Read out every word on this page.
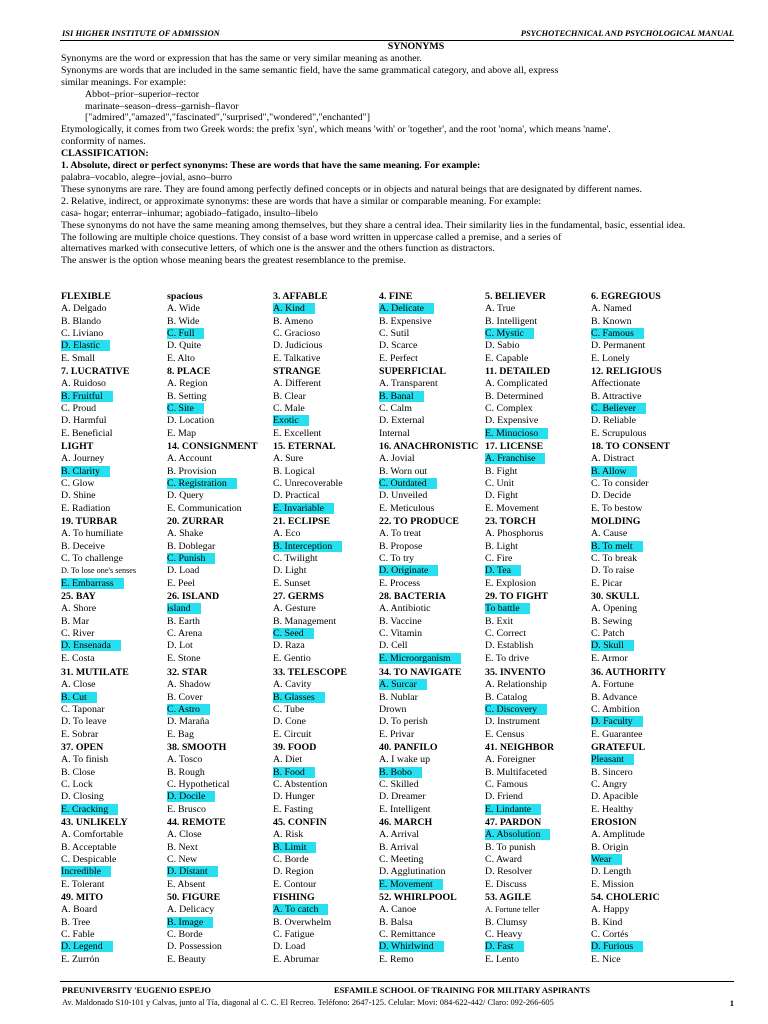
ISI HIGHER INSTITUTE OF ADMISSION	PSYCHOTECHNICAL AND PSYCHOLOGICAL MANUAL
SYNONYMS
Synonyms are the word or expression that has the same or very similar meaning as another.
Synonyms are words that are included in the same semantic field, have the same grammatical category, and above all, express
similar meanings. For example:
Abbot–prior–superior–rector
marinate–season–dress–garnish–flavor
["admired","amazed","fascinated","surprised","wondered","enchanted"]
Etymologically, it comes from two Greek words: the prefix 'syn', which means 'with' or 'together', and the root 'noma', which means 'name'.
conformity of names.
CLASSIFICATION:
1. Absolute, direct or perfect synonyms: These are words that have the same meaning. For example:
palabra–vocablo, alegre–jovial, asno–burro
These synonyms are rare. They are found among perfectly defined concepts or in objects and natural beings that are designated by different names.
2. Relative, indirect, or approximate synonyms: these are words that have a similar or comparable meaning. For example:
casa- hogar; enterrar–inhumar; agobiado–fatigado, insulto–libelo
These synonyms do not have the same meaning among themselves, but they share a central idea. Their similarity lies in the fundamental, basic, essential idea.
The following are multiple choice questions. They consist of a base word written in uppercase called a premise, and a series of
alternatives marked with consecutive letters, of which one is the answer and the others function as distractors.
The answer is the option whose meaning bears the greatest resemblance to the premise.
FLEXIBLE
A. Delgado
B. Blando
C. Liviano
D. Elastic
E. Small
spacious
A. Wide
B. Wide
C. Full
D. Quite
E. Alto
3. AFFABLE
A. Kind
B. Ameno
C. Gracioso
D. Judicious
E. Talkative
4. FINE
A. Delicate
B. Expensive
C. Sutil
D. Scarce
E. Perfect
5. BELIEVER
A. True
B. Intelligent
C. Mystic
D. Sabio
E. Capable
6. EGREGIOUS
A. Named
B. Known
C. Famous
D. Permanent
E. Lonely
7. LUCRATIVE
A. Ruidoso
B. Fruitful
C. Proud
D. Harmful
E. Beneficial
8. PLACE
A. Region
B. Setting
C. Site
D. Location
E. Map
STRANGE
A. Different
B. Clear
C. Male
Exotic
E. Excellent
SUPERFICIAL
A. Transparent
B. Banal
C. Calm
D. External
Internal
11. DETAILED
A. Complicated
B. Determined
C. Complex
D. Expensive
E. Minucioso
12. RELIGIOUS
Affectionate
B. Attractive
C. Believer
D. Reliable
E. Scrupulous
LIGHT
A. Journey
B. Clarity
C. Glow
D. Shine
E. Radiation
14. CONSIGNMENT
A. Account
B. Provision
C. Registration
D. Query
E. Communication
15. ETERNAL
A. Sure
B. Logical
C. Unrecoverable
D. Practical
E. Invariable
16. ANACHRONISTIC
A. Jovial
B. Worn out
C. Outdated
D. Unveiled
E. Meticulous
17. LICENSE
A. Franchise
B. Fight
C. Unit
D. Fight
E. Movement
18. TO CONSENT
A. Distract
B. Allow
C. To consider
D. Decide
E. To bestow
19. TURBAR
A. To humiliate
B. Deceive
C. To challenge
D. To lose one's senses
E. Embarrass
20. ZURRAR
A. Shake
B. Doblegar
C. Punish
D. Load
E. Peel
21. ECLIPSE
A. Eco
B. Interception
C. Twilight
D. Light
E. Sunset
22. TO PRODUCE
A. To treat
B. Propose
C. To try
D. Originate
E. Process
23. TORCH
A. Phosphorus
B. Light
C. Fire
D. Tea
E. Explosion
MOLDING
A. Cause
B. To melt
C. To break
D. To raise
E. Picar
25. BAY
A. Shore
B. Mar
C. River
D. Ensenada
E. Costa
26. ISLAND
island
B. Earth
C. Arena
D. Lot
E. Stone
27. GERMS
A. Gesture
B. Management
C. Seed
D. Raza
E. Gentio
28. BACTERIA
A. Antibiotic
B. Vaccine
C. Vitamin
D. Cell
E. Microorganism
29. TO FIGHT
To battle
B. Exit
C. Correct
D. Establish
E. To drive
30. SKULL
A. Opening
B. Sewing
C. Patch
D. Skull
E. Armor
31. MUTILATE
A. Close
B. Cut
C. Taponar
D. To leave
E. Sobrar
32. STAR
A. Shadow
B. Cover
C. Astro
D. Maraña
E. Bag
33. TELESCOPE
A. Cavity
B. Glasses
C. Tube
D. Cone
E. Circuit
34. TO NAVIGATE
A. Surcar
B. Nublar
Drown
D. To perish
E. Privar
35. INVENTO
A. Relationship
B. Catalog
C. Discovery
D. Instrument
E. Census
36. AUTHORITY
A. Fortune
B. Advance
C. Ambition
D. Faculty
E. Guarantee
37. OPEN
A. To finish
B. Close
C. Lock
D. Closing
E. Cracking
38. SMOOTH
A. Tosco
B. Rough
C. Hypothetical
D. Docile
E. Brusco
39. FOOD
A. Diet
B. Food
C. Abstention
D. Hunger
E. Fasting
40. PANFILO
A. I wake up
B. Bobo
C. Skilled
D. Dreamer
E. Intelligent
41. NEIGHBOR
A. Foreigner
B. Multifaceted
C. Famous
D. Friend
E. Lindante
GRATEFUL
Pleasant
B. Sincero
C. Angry
D. Apacible
E. Healthy
43. UNLIKELY
A. Comfortable
B. Acceptable
C. Despicable
Incredible
E. Tolerant
44. REMOTE
A. Close
B. Next
C. New
D. Distant
E. Absent
45. CONFIN
A. Risk
B. Limit
C. Borde
D. Region
E. Contour
46. MARCH
A. Arrival
B. Arrival
C. Meeting
D. Agglutination
E. Movement
47. PARDON
A. Absolution
B. To punish
C. Award
D. Resolver
E. Discuss
EROSION
A. Amplitude
B. Origin
Wear
D. Length
E. Mission
49. MITO
A. Board
B. Tree
C. Fable
D. Legend
E. Zurrón
50. FIGURE
A. Delicacy
B. Image
C. Borde
D. Possession
E. Beauty
FISHING
A. To catch
B. Overwhelm
C. Fatigue
D. Load
E. Abrumar
52. WHIRLPOOL
A. Canoe
B. Balsa
C. Remittance
D. Whirlwind
E. Remo
53. AGILE
A. Fortune teller
B. Clumsy
C. Heavy
D. Fast
E. Lento
54. CHOLERIC
A. Happy
B. Kind
C. Cortés
D. Furious
E. Nice
PREUNIVERSITY 'EUGENIO ESPEJO	ESFAMILE SCHOOL OF TRAINING FOR MILITARY ASPIRANTS
Av. Maldonado S10-101 y Calvas, junto al Tía, diagonal al C. C. El Recreo. Teléfono: 2647-125. Celular: Movi: 084-622-442/ Claro: 092-266-605	1
